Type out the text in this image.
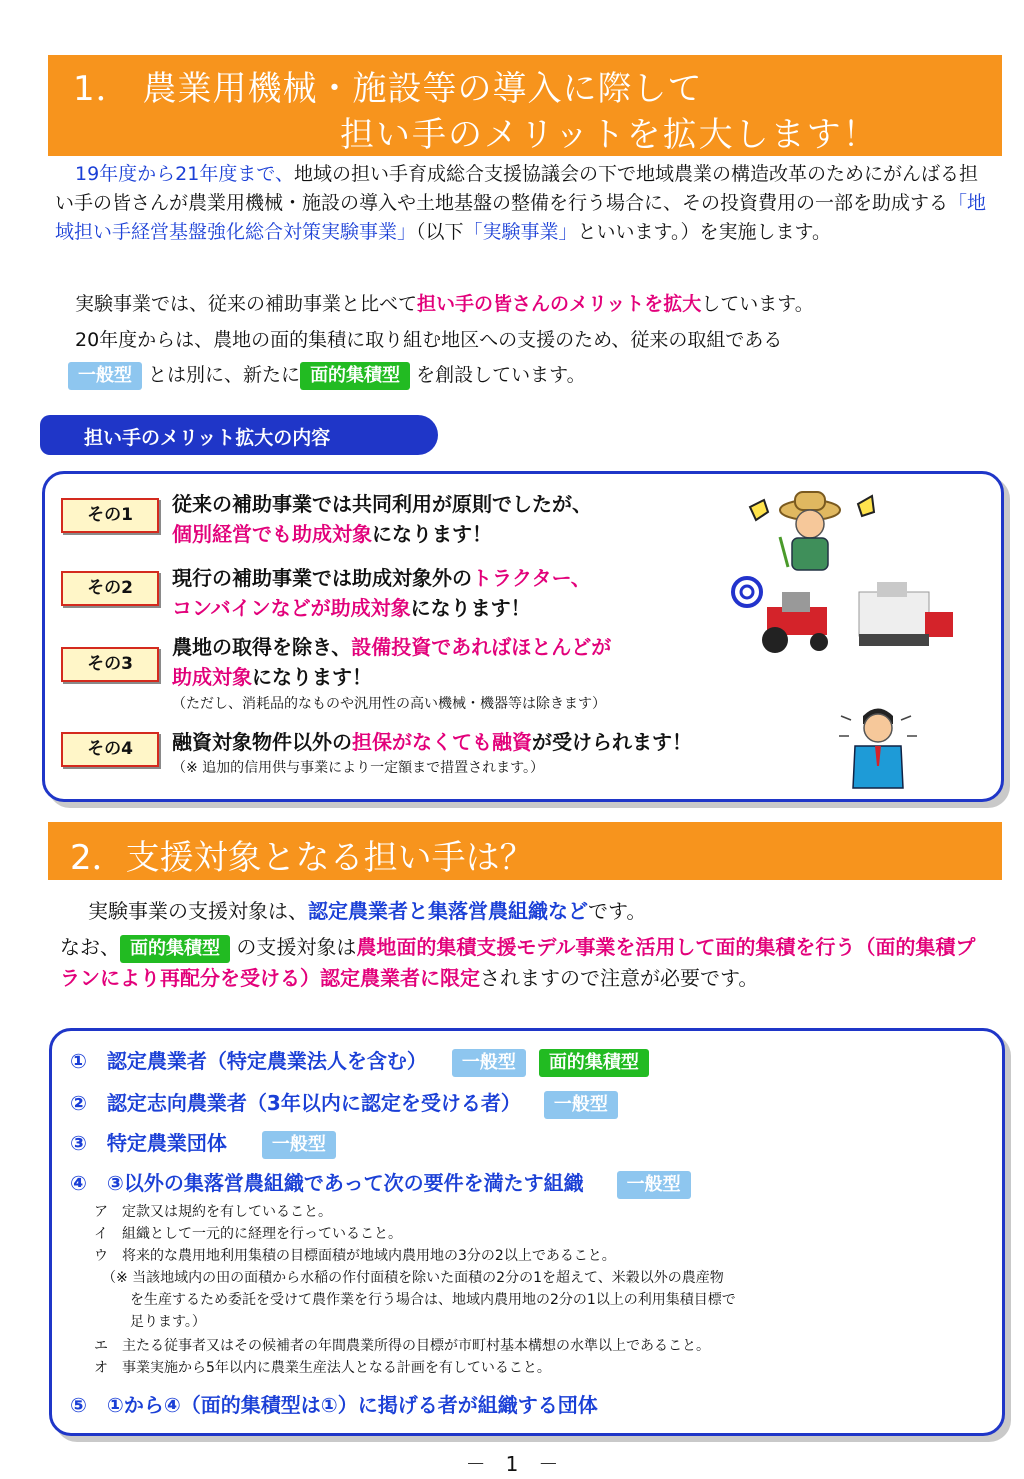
1． 農業用機械・施設等の導入に際して
担い手のメリットを拡大します！
19年度から21年度まで、地域の担い手育成総合支援協議会の下で地域農業の構造改革のためにがんばる担い手の皆さんが農業用機械・施設の導入や土地基盤の整備を行う場合に、その投資費用の一部を助成する「地域担い手経営基盤強化総合対策実験事業」（以下「実験事業」といいます。）を実施します。
実験事業では、従来の補助事業と比べて担い手の皆さんのメリットを拡大しています。
20年度からは、農地の面的集積に取り組む地区への支援のため、従来の取組である
一般型 とは別に、新たに 面的集積型 を創設しています。
担い手のメリット拡大の内容
その1	従来の補助事業では共同利用が原則でしたが、
個別経営でも助成対象になります！
その2	現行の補助事業では助成対象外のトラクター、
コンバインなどが助成対象になります！
その3
農地の取得を除き、設備投資であればほとんどが
助成対象になります！
（ただし、消耗品的なものや汎用性の高い機械・機器等は除きます）
その4	融資対象物件以外の担保がなくても融資が受けられます！
（※ 追加的信用供与事業により一定額まで措置されます。）
2．支援対象となる担い手は？
実験事業の支援対象は、認定農業者と集落営農組織などです。
なお、 面的集積型 の支援対象は農地面的集積支援モデル事業を活用して面的集積を行う（面的集積プランにより再配分を受ける）認定農業者に限定されますので注意が必要です。
①　認定農業者（特定農業法人を含む） 一般型 面的集積型
②　認定志向農業者（3年以内に認定を受ける者） 一般型
③　特定農業団体 一般型
④　③以外の集落営農組織であって次の要件を満たす組織 一般型
ア　定款又は規約を有していること。
イ　組織として一元的に経理を行っていること。
ウ　将来的な農用地利用集積の目標面積が地域内農用地の3分の2以上であること。
（※ 当該地域内の田の面積から水稲の作付面積を除いた面積の2分の1を超えて、米穀以外の農産物
を生産するため委託を受けて農作業を行う場合は、地域内農用地の2分の1以上の利用集積目標で
足ります。）
エ　主たる従事者又はその候補者の年間農業所得の目標が市町村基本構想の水準以上であること。
オ　事業実施から5年以内に農業生産法人となる計画を有していること。
⑤　①から④（面的集積型は①）に掲げる者が組織する団体
－　1　－
